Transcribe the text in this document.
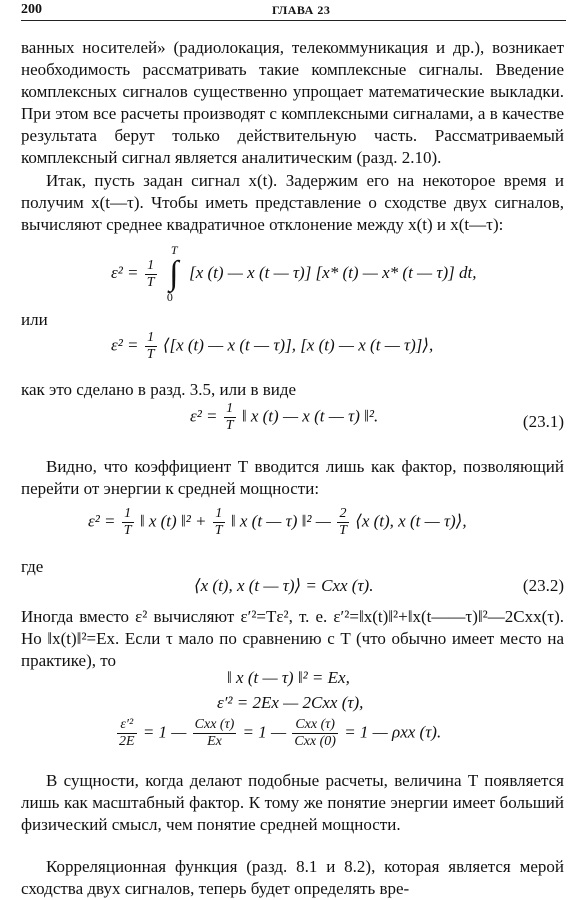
200	ГЛАВА 23
ванных носителей» (радиолокация, телекоммуникация и др.), возникает необходимость рассматривать такие комплексные сигналы. Введение комплексных сигналов существенно упрощает математические выкладки. При этом все расчеты производят с комплексными сигналами, а в качестве результата берут только действительную часть. Рассматриваемый комплексный сигнал является аналитическим (разд. 2.10).
Итак, пусть задан сигнал x(t). Задержим его на некоторое время и получим x(t—τ). Чтобы иметь представление о сходстве двух сигналов, вычисляют среднее квадратичное отклонение между x(t) и x(t—τ):
$\varepsilon^2 = \frac{1}{T}$

T
∫
0
[x (t) — x (t — τ)] [x* (t) — x* (t — τ)] dt,
или
$\varepsilon^2 = \frac{1}{T}$ ⟨[x (t) — x (t — τ)], [x (t) — x (t — τ)]⟩,
как это сделано в разд. 3.5, или в виде
$\varepsilon^2 = \frac{1}{T}$ ‖ x (t) — x (t — τ) ‖².	(23.1)
Видно, что коэффициент T вводится лишь как фактор, позволяющий перейти от энергии к средней мощности:
$\varepsilon^2 = \frac{1}{T}$ ‖ x (t) ‖² + $\frac{1}{T}$ ‖ x (t — τ) ‖² — $\frac{2}{T}$ ⟨x (t), x (t — τ)⟩,
где
⟨x (t), x (t — τ)⟩ = Cxx (τ).	(23.2)
Иногда вместо ε² вычисляют ε′²=Tε², т. е. ε′²=‖x(t)‖²+‖x(t——τ)‖²—2Cxx(τ). Но ‖x(t)‖²=Ex. Если τ мало по сравнению с T (что обычно имеет место на практике), то
‖ x (t — τ) ‖² = Ex,
ε′² = 2Ex — 2Cxx (τ),
$\frac{\text{ε′²}}{2E} = 1$ — $\frac{\text{Cxx (τ)}}{Ex} = 1$ — $\frac{\text{Cxx (τ)}}{\text{Cxx (0)}} = 1$ — ρxx (τ).
В сущности, когда делают подобные расчеты, величина T появляется лишь как масштабный фактор. К тому же понятие энергии имеет больший физический смысл, чем понятие средней мощности.
Корреляционная функция (разд. 8.1 и 8.2), которая является мерой сходства двух сигналов, теперь будет определять вре-
